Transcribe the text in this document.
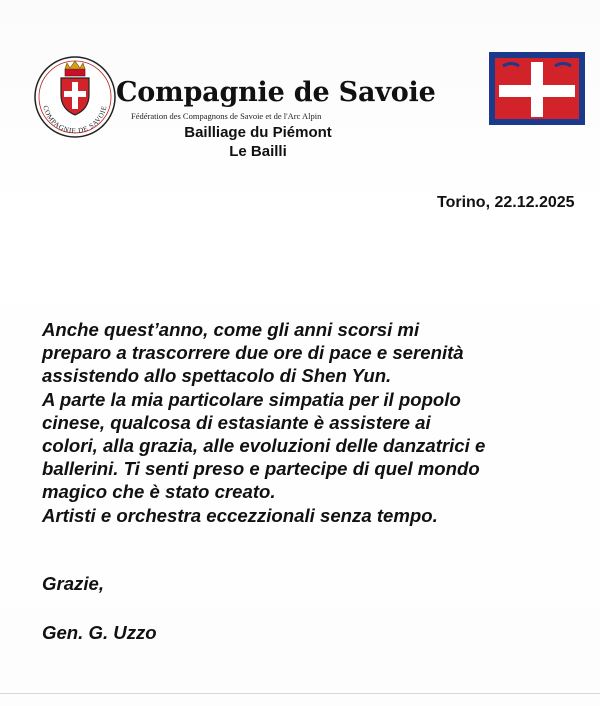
COMPAGNIE DE SAVOIE
Compagnie de Savoie
Fédération des Compagnons de Savoie et de l'Arc Alpin
Bailliage du Piémont
Le Bailli
Torino, 22.12.2025
Anche quest’anno, come gli anni scorsi mi
preparo a trascorrere due ore di pace e serenità
assistendo allo spettacolo di Shen Yun.
A parte la mia particolare simpatia per il popolo
cinese, qualcosa di estasiante è assistere ai
colori, alla grazia, alle evoluzioni delle danzatrici e
ballerini. Ti senti preso e partecipe di quel mondo
magico che è stato creato.
Artisti e orchestra eccezzionali senza tempo.
Grazie,
Gen. G. Uzzo
